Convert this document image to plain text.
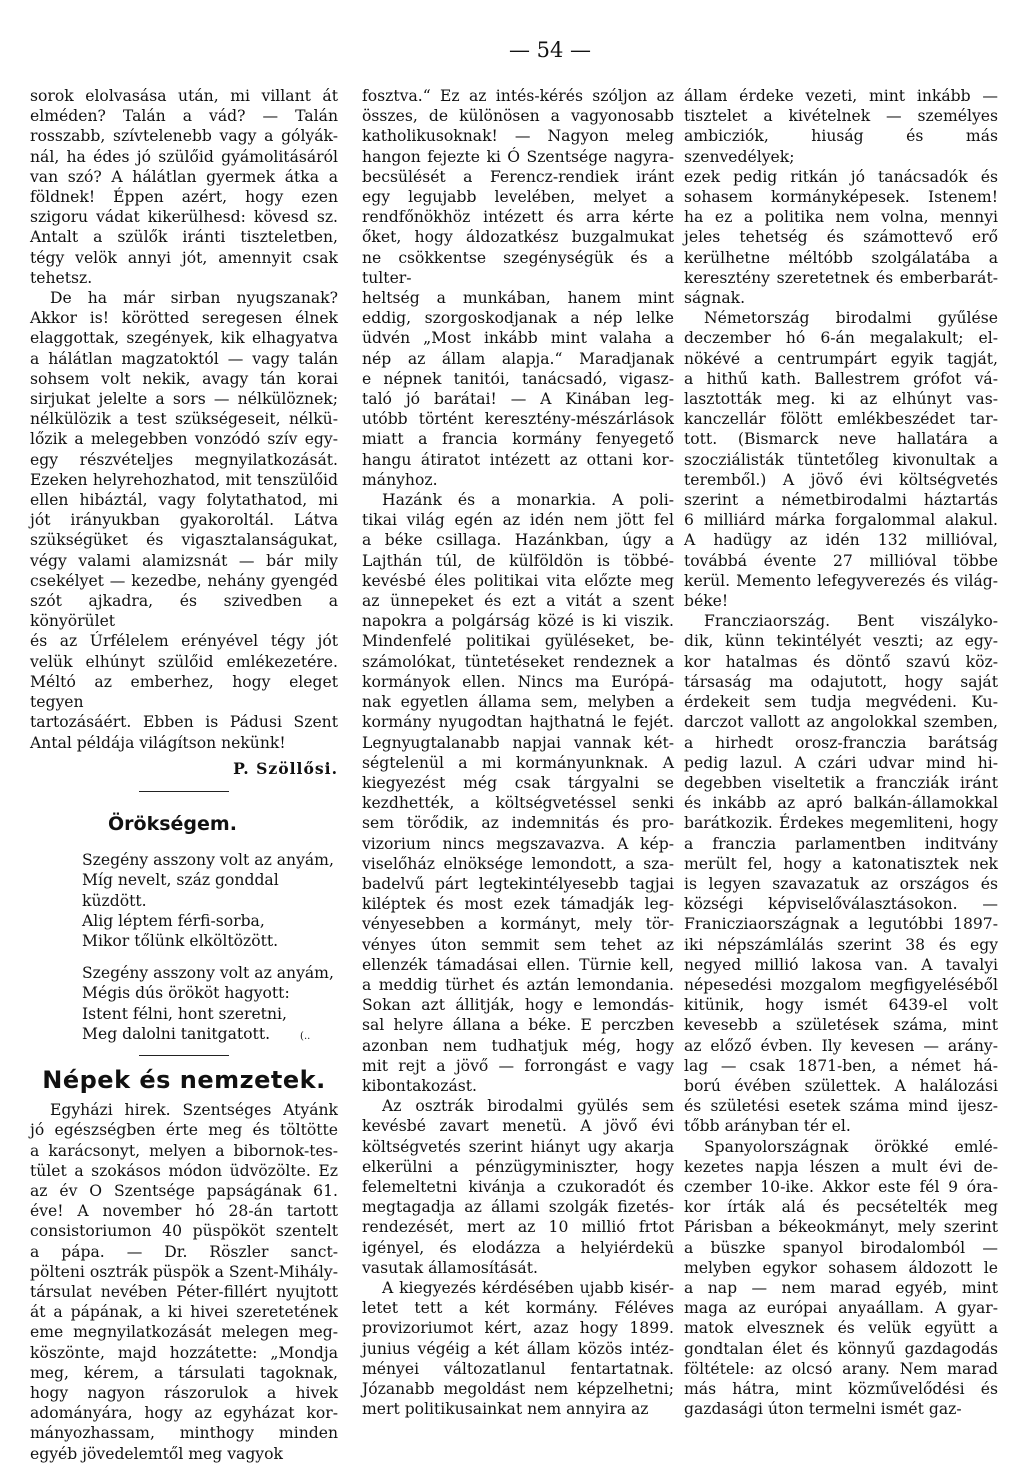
— 54 —

sorok elolvasása után, mi villant át

elméden? Talán a vád? — Talán

rosszabb, szívtelenebb vagy a gólyák-

nál, ha édes jó szülőid gyámolitásáról

van szó? A hálátlan gyermek átka a

földnek! Éppen azért, hogy ezen

szigoru vádat kikerülhesd: kövesd sz.

Antalt a szülők iránti tiszteletben,

tégy velök annyi jót, amennyit csak

tehetsz.

De ha már sirban nyugszanak?

Akkor is! körötted seregesen élnek

elaggottak, szegények, kik elhagyatva

a hálátlan magzatoktól — vagy talán

sohsem volt nekik, avagy tán korai

sirjukat jelelte a sors — nélkülöznek;

nélkülözik a test szükségeseit, nélkü-

lőzik a melegebben vonzódó szív egy-

egy részvételjes megnyilatkozását.

Ezeken helyrehozhatod, mit tenszülőid

ellen hibáztál, vagy folytathatod, mi

jót irányukban gyakoroltál. Látva

szükségüket és vigasztalanságukat,

végy valami alamizsnát — bár mily

csekélyet — kezedbe, nehány gyengéd

szót ajkadra, és szivedben a könyörület

és az Úrfélelem erényével tégy jót

velük elhúnyt szülőid emlékezetére.

Méltó az emberhez, hogy eleget tegyen

tartozásáért. Ebben is Pádusi Szent

Antal példája világítson nekünk!

P. Szöllősi.

Örökségem.

Szegény asszony volt az anyám,

Míg nevelt, száz gonddal küzdött.

Alig léptem férfi-sorba,

Mikor tőlünk elköltözött.

Szegény asszony volt az anyám,

Mégis dús örököt hagyott:

Istent félni, hont szeretni,

Meg dalolni tanitgatott.	(..

Népek és nemzetek.

Egyházi hirek. Szentséges Atyánk

jó egészségben érte meg és töltötte

a karácsonyt, melyen a bibornok-tes-

tület a szokásos módon üdvözölte. Ez

az év O Szentsége papságának 61.

éve! A november hó 28-án tartott

consistoriumon 40 püspököt szentelt

a pápa. — Dr. Röszler sanct-

pölteni osztrák püspök a Szent-Mihály-

társulat nevében Péter-fillért nyujtott

át a pápának, a ki hivei szeretetének

eme megnyilatkozását melegen meg-

köszönte, majd hozzátette: „Mondja

meg, kérem, a társulati tagoknak,

hogy nagyon rászorulok a hivek

adományára, hogy az egyházat kor-

mányozhassam, minthogy minden

egyéb jövedelemtől meg vagyok

fosztva.“ Ez az intés-kérés szóljon az

összes, de különösen a vagyonosabb

katholikusoknak! — Nagyon meleg

hangon fejezte ki Ó Szentsége nagyra-

becsülését a Ferencz-rendiek iránt

egy legujabb levelében, melyet a

rendfőnökhöz intézett és arra kérte

őket, hogy áldozatkész buzgalmukat

ne csökkentse szegénységük és a tulter-

heltség a munkában, hanem mint

eddig, szorgoskodjanak a nép lelke

üdvén „Most inkább mint valaha a

nép az állam alapja.“ Maradjanak

e népnek tanitói, tanácsadó, vigasz-

taló jó barátai! — A Kinában leg-

utóbb történt keresztény-mészárlások

miatt a francia kormány fenyegető

hangu átiratot intézett az ottani kor-

mányhoz.

Hazánk és a monarkia. A poli-

tikai világ egén az idén nem jött fel

a béke csillaga. Hazánkban, úgy a

Lajthán túl, de külföldön is többé-

kevésbé éles politikai vita előzte meg

az ünnepeket és ezt a vitát a szent

napokra a polgárság közé is ki viszik.

Mindenfelé politikai gyüléseket, be-

számolókat, tüntetéseket rendeznek a

kormányok ellen. Nincs ma Európá-

nak egyetlen állama sem, melyben a

kormány nyugodtan hajthatná le fejét.

Legnyugtalanabb napjai vannak két-

ségtelenül a mi kormányunknak. A

kiegyezést még csak tárgyalni se

kezdhették, a költségvetéssel senki

sem törődik, az indemnitás és pro-

vizorium nincs megszavazva. A kép-

viselőház elnöksége lemondott, a sza-

badelvű párt legtekintélyesebb tagjai

kiléptek és most ezek támadják leg-

vényesebben a kormányt, mely tör-

vényes úton semmit sem tehet az

ellenzék támadásai ellen. Türnie kell,

a meddig türhet és aztán lemondania.

Sokan azt állitják, hogy e lemondás-

sal helyre állana a béke. E perczben

azonban nem tudhatjuk még, hogy

mit rejt a jövő — forrongást e vagy

kibontakozást.

Az osztrák birodalmi gyülés sem

kevésbé zavart menetü. A jövő évi

költségvetés szerint hiányt ugy akarja

elkerülni a pénzügyminiszter, hogy

felemeltetni kivánja a czukoradót és

megtagadja az állami szolgák fizetés-

rendezését, mert az 10 millió frtot

igényel, és elodázza a helyiérdekü

vasutak államosítását.

A kiegyezés kérdésében ujabb kisér-

letet tett a két kormány. Féléves

provizoriumot kért, azaz hogy 1899.

junius végéig a két állam közös intéz-

ményei változatlanul fentartatnak.

Józanabb megoldást nem képzelhetni;

mert politikusainkat nem annyira az

állam érdeke vezeti, mint inkább —

tisztelet a kivételnek — személyes

ambicziók, hiuság és más szenvedélyek;

ezek pedig ritkán jó tanácsadók és

sohasem kormányképesek. Istenem!

ha ez a politika nem volna, mennyi

jeles tehetség és számottevő erő

kerülhetne méltóbb szolgálatába a

keresztény szeretetnek és emberbarát-

ságnak.

Németország birodalmi gyűlése

deczember hó 6-án megalakult; el-

nökévé a centrumpárt egyik tagját,

a hithű kath. Ballestrem grófot vá-

lasztották meg. ki az elhúnyt vas-

kanczellár fölött emlékbeszédet tar-

tott. (Bismarck neve hallatára a

szocziálisták tüntetőleg kivonultak a

teremből.) A jövő évi költségvetés

szerint a németbirodalmi háztartás

6 milliárd márka forgalommal alakul.

A hadügy az idén 132 millióval,

továbbá évente 27 millióval többe

kerül. Memento lefegyverezés és világ-

béke!

Francziaország. Bent viszályko-

dik, künn tekintélyét veszti; az egy-

kor hatalmas és döntő szavú köz-

társaság ma odajutott, hogy saját

érdekeit sem tudja megvédeni. Ku-

darczot vallott az angolokkal szemben,

a hirhedt orosz-franczia barátság

pedig lazul. A czári udvar mind hi-

degebben viseltetik a francziák iránt

és inkább az apró balkán-államokkal

barátkozik. Érdekes megemliteni, hogy

a franczia parlamentben inditvány

merült fel, hogy a katonatisztek nek

is legyen szavazatuk az országos és

községi képviselőválasztásokon. —

Franicziaországnak a legutóbbi 1897-

iki népszámlálás szerint 38 és egy

negyed millió lakosa van. A tavalyi

népesedési mozgalom megfigyeléséből

kitünik, hogy ismét 6439-el volt

kevesebb a születések száma, mint

az előző évben. Ily kevesen — arány-

lag — csak 1871-ben, a német há-

ború évében születtek. A halálozási

és születési esetek száma mind ijesz-

tőbb arányban tér el.

Spanyolországnak örökké emlé-

kezetes napja lészen a mult évi de-

czember 10-ike. Akkor este fél 9 óra-

kor írták alá és pecsételték meg

Párisban a békeokmányt, mely szerint

a büszke spanyol birodalomból —

melyben egykor sohasem áldozott le

a nap — nem marad egyéb, mint

maga az európai anyaállam. A gyar-

matok elvesznek és velük együtt a

gondtalan élet és könnyű gazdagodás

föltétele: az olcsó arany. Nem marad

más hátra, mint közművelődési és

gazdasági úton termelni ismét gaz-
